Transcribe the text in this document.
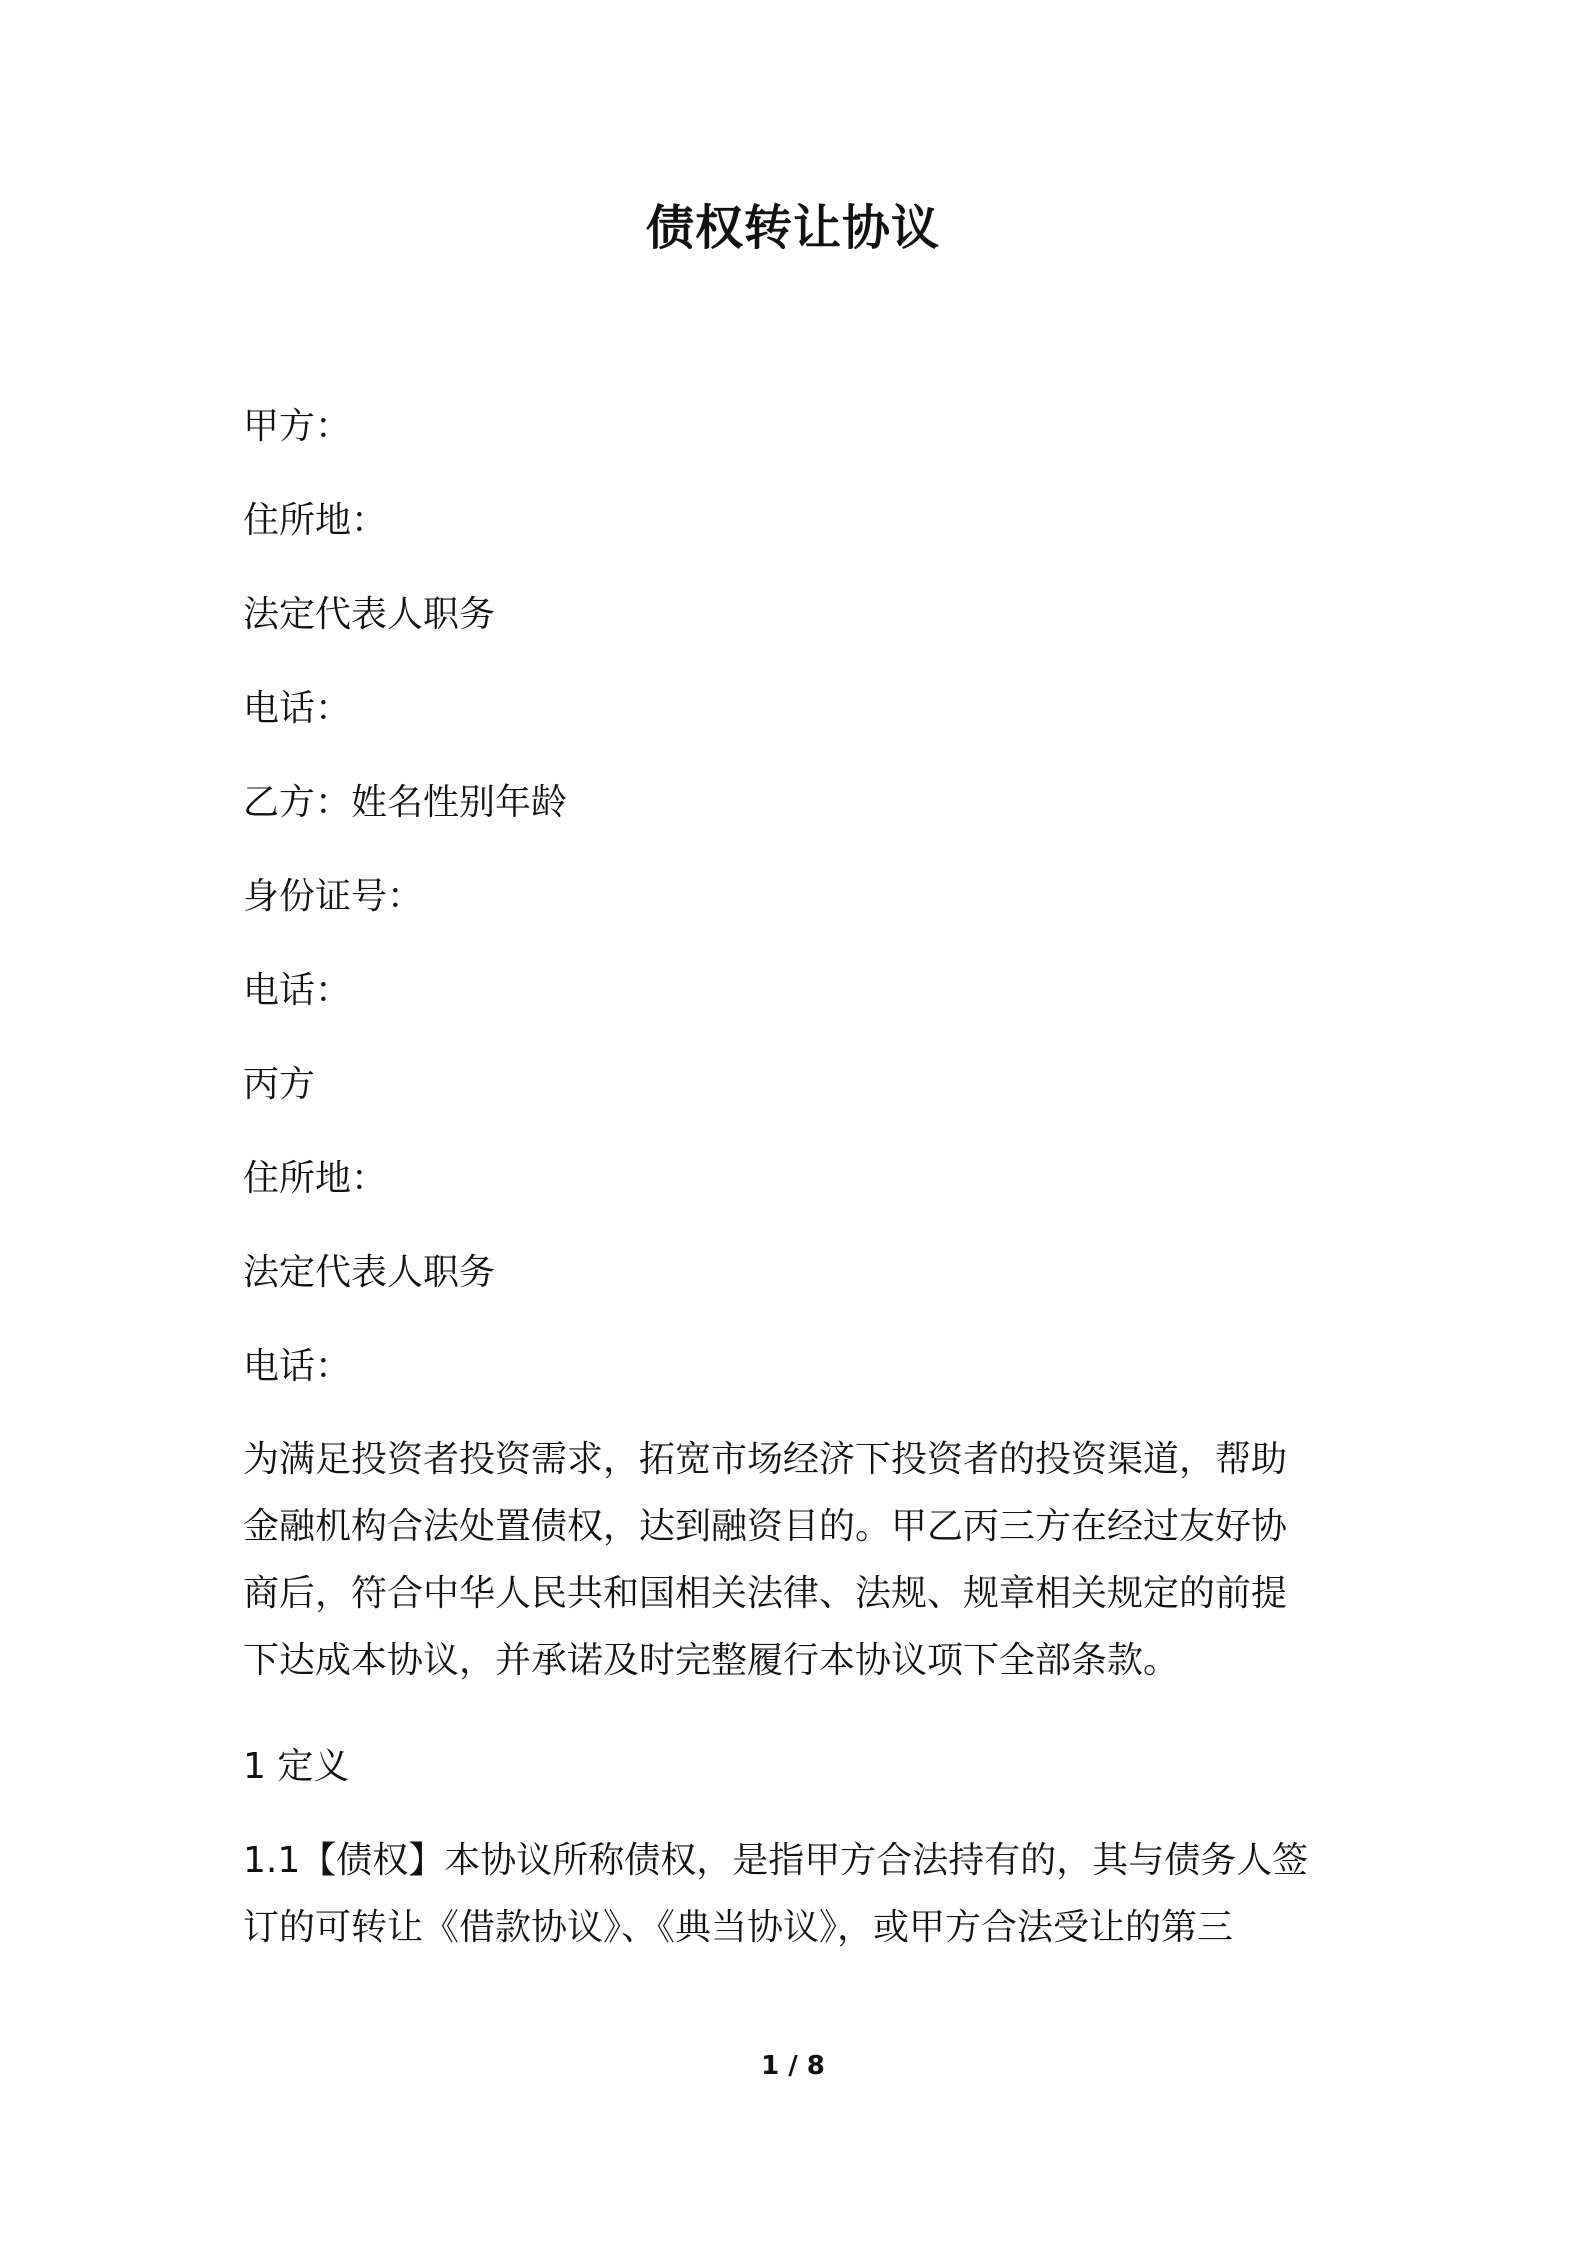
债权转让协议
甲方：
住所地：
法定代表人职务
电话：
乙方：姓名性别年龄
身份证号：
电话：
丙方
住所地：
法定代表人职务
电话：
为满足投资者投资需求，拓宽市场经济下投资者的投资渠道，帮助
金融机构合法处置债权，达到融资目的。甲乙丙三方在经过友好协
商后，符合中华人民共和国相关法律、法规、规章相关规定的前提
下达成本协议，并承诺及时完整履行本协议项下全部条款。
1 定义
1.1【债权】本协议所称债权，是指甲方合法持有的，其与债务人签
订的可转让《借款协议》、《典当协议》，或甲方合法受让的第三
1 / 8
